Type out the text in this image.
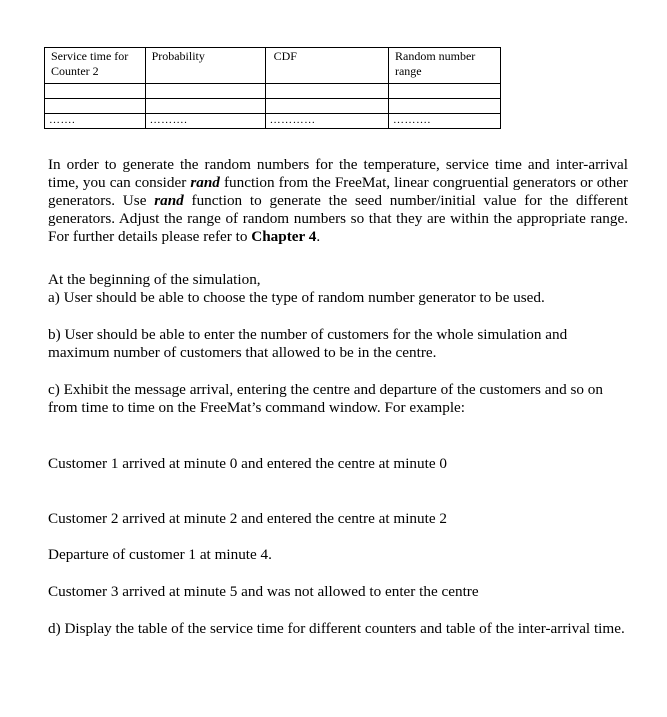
Service time for Counter 2	Probability	CDF	Random number range

…….	……….	…………	……….

In order to generate the random numbers for the temperature, service time and inter-arrival time, you can consider rand function from the FreeMat, linear congruential generators or other generators. Use rand function to generate the seed number/initial value for the different generators. Adjust the range of random numbers so that they are within the appropriate range. For further details please refer to Chapter 4.

At the beginning of the simulation,

a) User should be able to choose the type of random number generator to be used.

b) User should be able to enter the number of customers for the whole simulation and maximum number of customers that allowed to be in the centre.

c) Exhibit the message arrival, entering the centre and departure of the customers and so on from time to time on the FreeMat’s command window. For example:

Customer 1 arrived at minute 0 and entered the centre at minute 0

Customer 2 arrived at minute 2 and entered the centre at minute 2

Departure of customer 1 at minute 4.

Customer 3 arrived at minute 5 and was not allowed to enter the centre

d) Display the table of the service time for different counters and table of the inter-arrival time.
